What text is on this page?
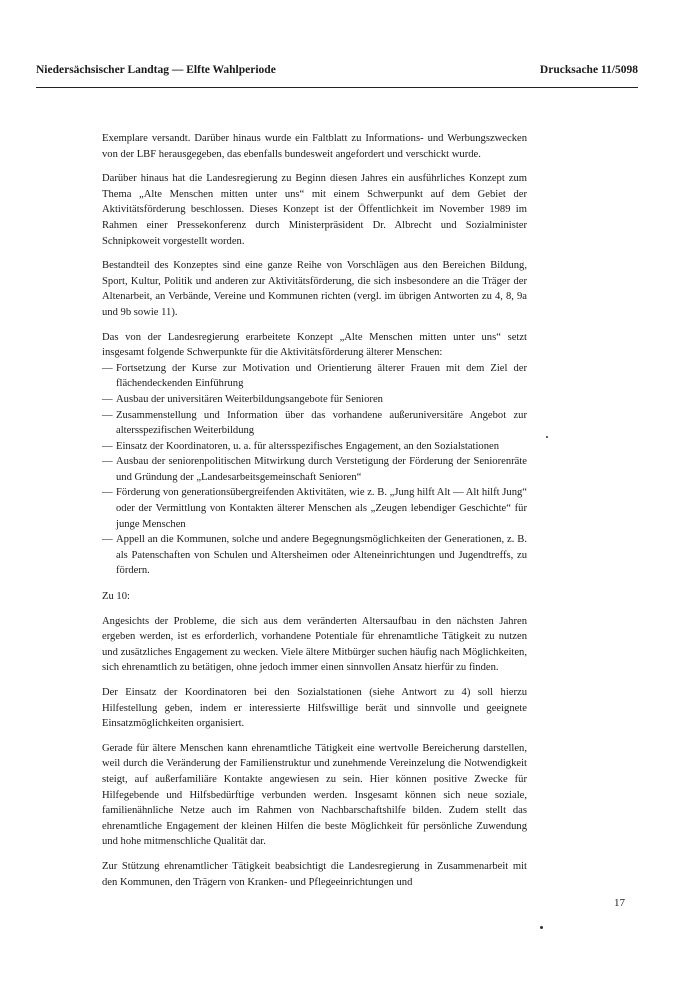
Niedersächsischer Landtag — Elfte Wahlperiode	Drucksache 11/5098

Exemplare versandt. Darüber hinaus wurde ein Faltblatt zu Informations- und Werbungszwecken von der LBF herausgegeben, das ebenfalls bundesweit angefordert und verschickt wurde.

Darüber hinaus hat die Landesregierung zu Beginn diesen Jahres ein ausführliches Konzept zum Thema „Alte Menschen mitten unter uns“ mit einem Schwerpunkt auf dem Gebiet der Aktivitätsförderung beschlossen. Dieses Konzept ist der Öffentlichkeit im November 1989 im Rahmen einer Pressekonferenz durch Ministerpräsident Dr. Albrecht und Sozialminister Schnipkoweit vorgestellt worden.

Bestandteil des Konzeptes sind eine ganze Reihe von Vorschlägen aus den Bereichen Bildung, Sport, Kultur, Politik und anderen zur Aktivitätsförderung, die sich insbesondere an die Träger der Altenarbeit, an Verbände, Vereine und Kommunen richten (vergl. im übrigen Antworten zu 4, 8, 9a und 9b sowie 11).

Das von der Landesregierung erarbeitete Konzept „Alte Menschen mitten unter uns“ setzt insgesamt folgende Schwerpunkte für die Aktivitätsförderung älterer Menschen:

— Fortsetzung der Kurse zur Motivation und Orientierung älterer Frauen mit dem Ziel der flächendeckenden Einführung
— Ausbau der universitären Weiterbildungsangebote für Senioren
— Zusammenstellung und Information über das vorhandene außeruniversitäre Angebot zur altersspezifischen Weiterbildung
— Einsatz der Koordinatoren, u. a. für altersspezifisches Engagement, an den Sozialstationen
— Ausbau der seniorenpolitischen Mitwirkung durch Verstetigung der Förderung der Seniorenräte und Gründung der „Landesarbeitsgemeinschaft Senioren“
— Förderung von generationsübergreifenden Aktivitäten, wie z. B. „Jung hilft Alt — Alt hilft Jung“ oder der Vermittlung von Kontakten älterer Menschen als „Zeugen lebendiger Geschichte“ für junge Menschen
— Appell an die Kommunen, solche und andere Begegnungsmöglichkeiten der Generationen, z. B. als Patenschaften von Schulen und Altersheimen oder Alteneinrichtungen und Jugendtreffs, zu fördern.

Zu 10:

Angesichts der Probleme, die sich aus dem veränderten Altersaufbau in den nächsten Jahren ergeben werden, ist es erforderlich, vorhandene Potentiale für ehrenamtliche Tätigkeit zu nutzen und zusätzliches Engagement zu wecken. Viele ältere Mitbürger suchen häufig nach Möglichkeiten, sich ehrenamtlich zu betätigen, ohne jedoch immer einen sinnvollen Ansatz hierfür zu finden.

Der Einsatz der Koordinatoren bei den Sozialstationen (siehe Antwort zu 4) soll hierzu Hilfestellung geben, indem er interessierte Hilfswillige berät und sinnvolle und geeignete Einsatzmöglichkeiten organisiert.

Gerade für ältere Menschen kann ehrenamtliche Tätigkeit eine wertvolle Bereicherung darstellen, weil durch die Veränderung der Familienstruktur und zunehmende Vereinzelung die Notwendigkeit steigt, auf außerfamiliäre Kontakte angewiesen zu sein. Hier können positive Zwecke für Hilfegebende und Hilfsbedürftige verbunden werden. Insgesamt können sich neue soziale, familienähnliche Netze auch im Rahmen von Nachbarschaftshilfe bilden. Zudem stellt das ehrenamtliche Engagement der kleinen Hilfen die beste Möglichkeit für persönliche Zuwendung und hohe mitmenschliche Qualität dar.

Zur Stützung ehrenamtlicher Tätigkeit beabsichtigt die Landesregierung in Zusammenarbeit mit den Kommunen, den Trägern von Kranken- und Pflegeeinrichtungen und

17
